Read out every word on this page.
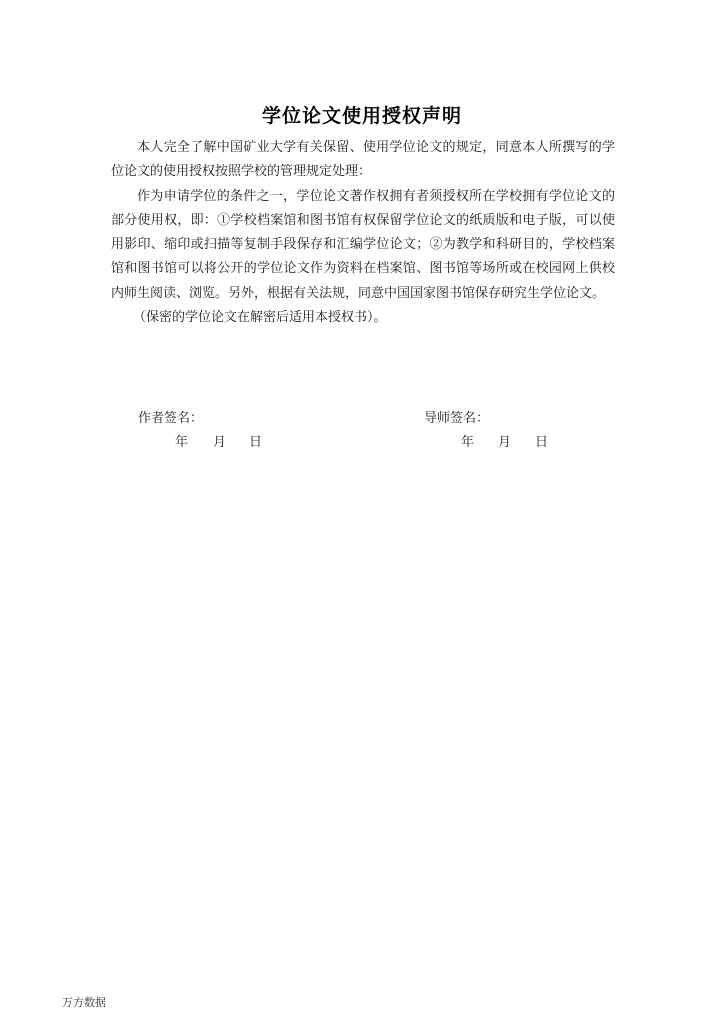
学位论文使用授权声明

本人完全了解中国矿业大学有关保留、使用学位论文的规定，同意本人所撰写的学位论文的使用授权按照学校的管理规定处理：

作为申请学位的条件之一，学位论文著作权拥有者须授权所在学校拥有学位论文的部分使用权，即：①学校档案馆和图书馆有权保留学位论文的纸质版和电子版，可以使用影印、缩印或扫描等复制手段保存和汇编学位论文；②为教学和科研目的，学校档案馆和图书馆可以将公开的学位论文作为资料在档案馆、图书馆等场所或在校园网上供校内师生阅读、浏览。另外，根据有关法规，同意中国国家图书馆保存研究生学位论文。

（保密的学位论文在解密后适用本授权书）。

作者签名：	导师签名：
年	月	日	年	月	日
万方数据
